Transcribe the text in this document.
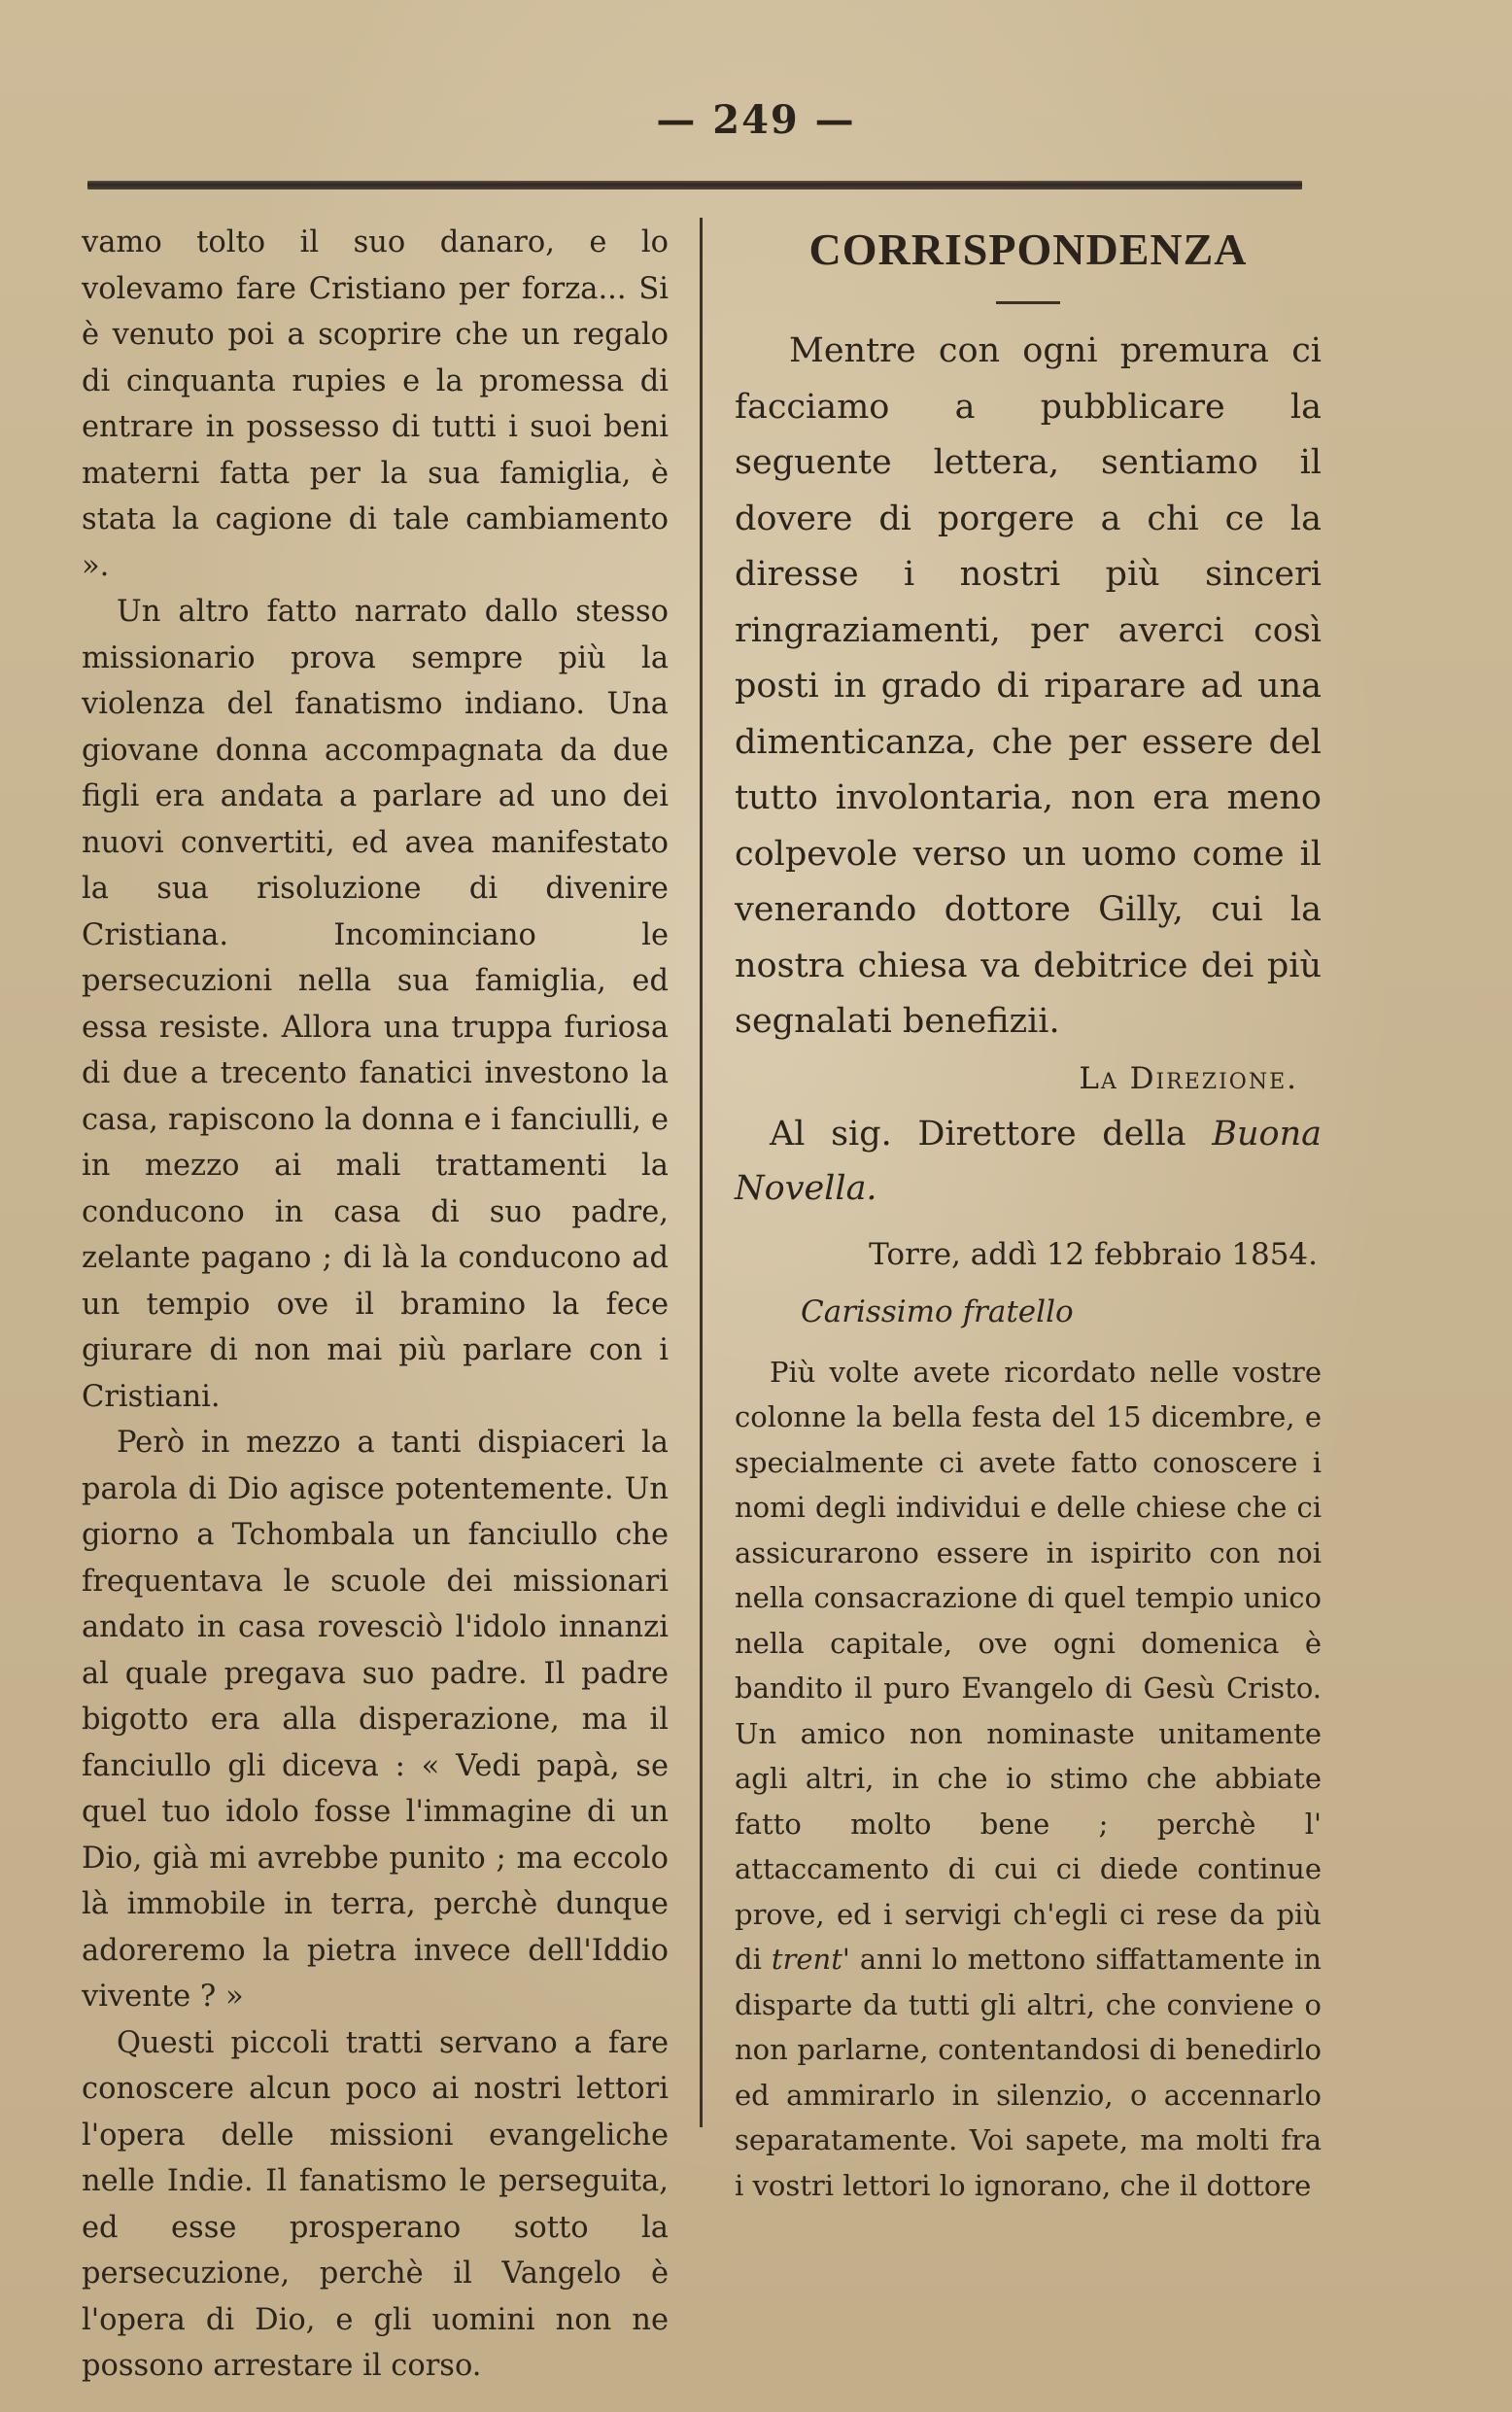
— 249 —

vamo tolto il suo danaro, e lo volevamo fare Cristiano per forza... Si è venuto poi a scoprire che un regalo di cinquanta rupies e la promessa di entrare in possesso di tutti i suoi beni materni fatta per la sua famiglia, è stata la cagione di tale cambiamento ».

Un altro fatto narrato dallo stesso missionario prova sempre più la violenza del fanatismo indiano. Una giovane donna accompagnata da due figli era andata a parlare ad uno dei nuovi convertiti, ed avea manifestato la sua risoluzione di divenire Cristiana. Incominciano le persecuzioni nella sua famiglia, ed essa resiste. Allora una truppa furiosa di due a trecento fanatici investono la casa, rapiscono la donna e i fanciulli, e in mezzo ai mali trattamenti la conducono in casa di suo padre, zelante pagano ; di là la conducono ad un tempio ove il bramino la fece giurare di non mai più parlare con i Cristiani.

Però in mezzo a tanti dispiaceri la parola di Dio agisce potentemente. Un giorno a Tchombala un fanciullo che frequentava le scuole dei missionari andato in casa rovesciò l'idolo innanzi al quale pregava suo padre. Il padre bigotto era alla disperazione, ma il fanciullo gli diceva : « Vedi papà, se quel tuo idolo fosse l'immagine di un Dio, già mi avrebbe punito ; ma eccolo là immobile in terra, perchè dunque adoreremo la pietra invece dell'Iddio vivente ? »

Questi piccoli tratti servano a fare conoscere alcun poco ai nostri lettori l'opera delle missioni evangeliche nelle Indie. Il fanatismo le perseguita, ed esse prosperano sotto la persecuzione, perchè il Vangelo è l'opera di Dio, e gli uomini non ne possono arrestare il corso.

CORRISPONDENZA

Mentre con ogni premura ci facciamo a pubblicare la seguente lettera, sentiamo il dovere di porgere a chi ce la diresse i nostri più sinceri ringraziamenti, per averci così posti in grado di riparare ad una dimenticanza, che per essere del tutto involontaria, non era meno colpevole verso un uomo come il venerando dottore Gilly, cui la nostra chiesa va debitrice dei più segnalati benefizii.

La Direzione.

Al sig. Direttore della Buona Novella.

Torre, addì 12 febbraio 1854.

Carissimo fratello

Più volte avete ricordato nelle vostre colonne la bella festa del 15 dicembre, e specialmente ci avete fatto conoscere i nomi degli individui e delle chiese che ci assicurarono essere in ispirito con noi nella consacrazione di quel tempio unico nella capitale, ove ogni domenica è bandito il puro Evangelo di Gesù Cristo. Un amico non nominaste unitamente agli altri, in che io stimo che abbiate fatto molto bene ; perchè l' attaccamento di cui ci diede continue prove, ed i servigi ch'egli ci rese da più di trent' anni lo mettono siffattamente in disparte da tutti gli altri, che conviene o non parlarne, contentandosi di benedirlo ed ammirarlo in silenzio, o accennarlo separatamente. Voi sapete, ma molti fra i vostri lettori lo ignorano, che il dottore
